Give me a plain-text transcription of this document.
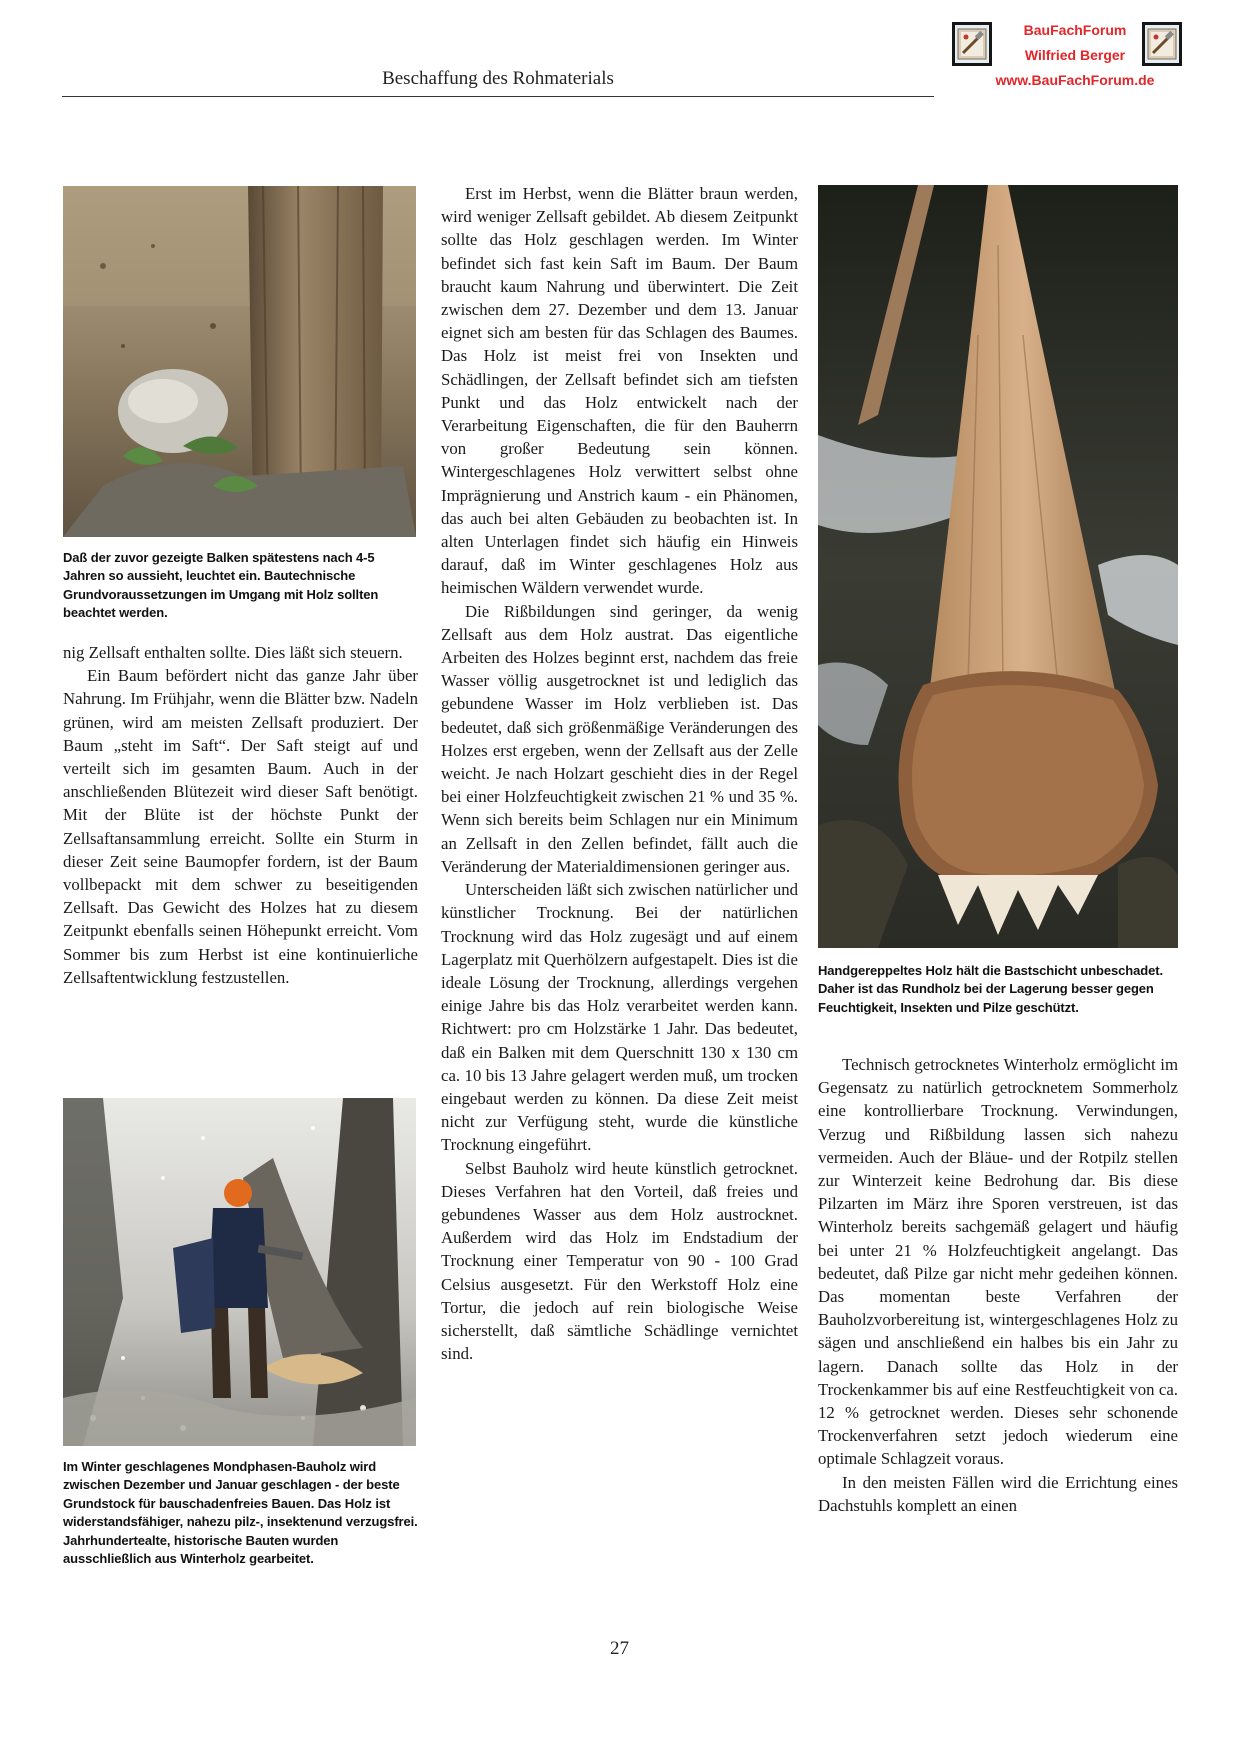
Beschaffung des Rohmaterials
BauFachForum
Wilfried Berger
www.BauFachForum.de
Daß der zuvor gezeigte Balken spätestens nach 4-5 Jahren so aussieht, leuchtet ein. Bautechnische Grundvoraussetzungen im Umgang mit Holz sollten beachtet werden.

nig Zellsaft enthalten sollte. Dies läßt sich steuern.

Ein Baum befördert nicht das ganze Jahr über Nahrung. Im Frühjahr, wenn die Blätter bzw. Nadeln grünen, wird am meisten Zellsaft produziert. Der Baum „steht im Saft“. Der Saft steigt auf und verteilt sich im gesamten Baum. Auch in der anschließenden Blütezeit wird dieser Saft benötigt. Mit der Blüte ist der höchste Punkt der Zellsaftansammlung erreicht. Sollte ein Sturm in dieser Zeit seine Baumopfer fordern, ist der Baum vollbepackt mit dem schwer zu beseitigenden Zellsaft. Das Gewicht des Holzes hat zu diesem Zeitpunkt ebenfalls seinen Höhepunkt erreicht. Vom Sommer bis zum Herbst ist eine kontinuierliche Zellsaftentwicklung festzustellen.

Im Winter geschlagenes Mondphasen-Bauholz wird zwischen Dezember und Januar geschlagen - der beste Grundstock für bauschadenfreies Bauen. Das Holz ist widerstandsfähiger, nahezu pilz-, insektenund verzugsfrei. Jahrhundertealte, historische Bauten wurden ausschließlich aus Winterholz gearbeitet.

Erst im Herbst, wenn die Blätter braun werden, wird weniger Zellsaft gebildet. Ab diesem Zeitpunkt sollte das Holz geschlagen werden. Im Winter befindet sich fast kein Saft im Baum. Der Baum braucht kaum Nahrung und überwintert. Die Zeit zwischen dem 27. Dezember und dem 13. Januar eignet sich am besten für das Schlagen des Baumes. Das Holz ist meist frei von Insekten und Schädlingen, der Zellsaft befindet sich am tiefsten Punkt und das Holz entwickelt nach der Verarbeitung Eigenschaften, die für den Bauherrn von großer Bedeutung sein können. Wintergeschlagenes Holz verwittert selbst ohne Imprägnierung und Anstrich kaum - ein Phänomen, das auch bei alten Gebäuden zu beobachten ist. In alten Unterlagen findet sich häufig ein Hinweis darauf, daß im Winter geschlagenes Holz aus heimischen Wäldern verwendet wurde.

Die Rißbildungen sind geringer, da wenig Zellsaft aus dem Holz austrat. Das eigentliche Arbeiten des Holzes beginnt erst, nachdem das freie Wasser völlig ausgetrocknet ist und lediglich das gebundene Wasser im Holz verblieben ist. Das bedeutet, daß sich größenmäßige Veränderungen des Holzes erst ergeben, wenn der Zellsaft aus der Zelle weicht. Je nach Holzart geschieht dies in der Regel bei einer Holzfeuchtigkeit zwischen 21 % und 35 %. Wenn sich bereits beim Schlagen nur ein Minimum an Zellsaft in den Zellen befindet, fällt auch die Veränderung der Materialdimensionen geringer aus.

Unterscheiden läßt sich zwischen natürlicher und künstlicher Trocknung. Bei der natürlichen Trocknung wird das Holz zugesägt und auf einem Lagerplatz mit Querhölzern aufgestapelt. Dies ist die ideale Lösung der Trocknung, allerdings vergehen einige Jahre bis das Holz verarbeitet werden kann. Richtwert: pro cm Holzstärke 1 Jahr. Das bedeutet, daß ein Balken mit dem Querschnitt 130 x 130 cm ca. 10 bis 13 Jahre gelagert werden muß, um trocken eingebaut werden zu können. Da diese Zeit meist nicht zur Verfügung steht, wurde die künstliche Trocknung eingeführt.

Selbst Bauholz wird heute künstlich getrocknet. Dieses Verfahren hat den Vorteil, daß freies und gebundenes Wasser aus dem Holz austrocknet. Außerdem wird das Holz im Endstadium der Trocknung einer Temperatur von 90 - 100 Grad Celsius ausgesetzt. Für den Werkstoff Holz eine Tortur, die jedoch auf rein biologische Weise sicherstellt, daß sämtliche Schädlinge vernichtet sind.

Handgereppeltes Holz hält die Bastschicht unbeschadet. Daher ist das Rundholz bei der Lagerung besser gegen Feuchtigkeit, Insekten und Pilze geschützt.

Technisch getrocknetes Winterholz ermöglicht im Gegensatz zu natürlich getrocknetem Sommerholz eine kontrollierbare Trocknung. Verwindungen, Verzug und Rißbildung lassen sich nahezu vermeiden. Auch der Bläue- und der Rotpilz stellen zur Winterzeit keine Bedrohung dar. Bis diese Pilzarten im März ihre Sporen verstreuen, ist das Winterholz bereits sachgemäß gelagert und häufig bei unter 21 % Holzfeuchtigkeit angelangt. Das bedeutet, daß Pilze gar nicht mehr gedeihen können. Das momentan beste Verfahren der Bauholzvorbereitung ist, wintergeschlagenes Holz zu sägen und anschließend ein halbes bis ein Jahr zu lagern. Danach sollte das Holz in der Trockenkammer bis auf eine Restfeuchtigkeit von ca. 12 % getrocknet werden. Dieses sehr schonende Trockenverfahren setzt jedoch wiederum eine optimale Schlagzeit voraus.

In den meisten Fällen wird die Errichtung eines Dachstuhls komplett an einen

27
